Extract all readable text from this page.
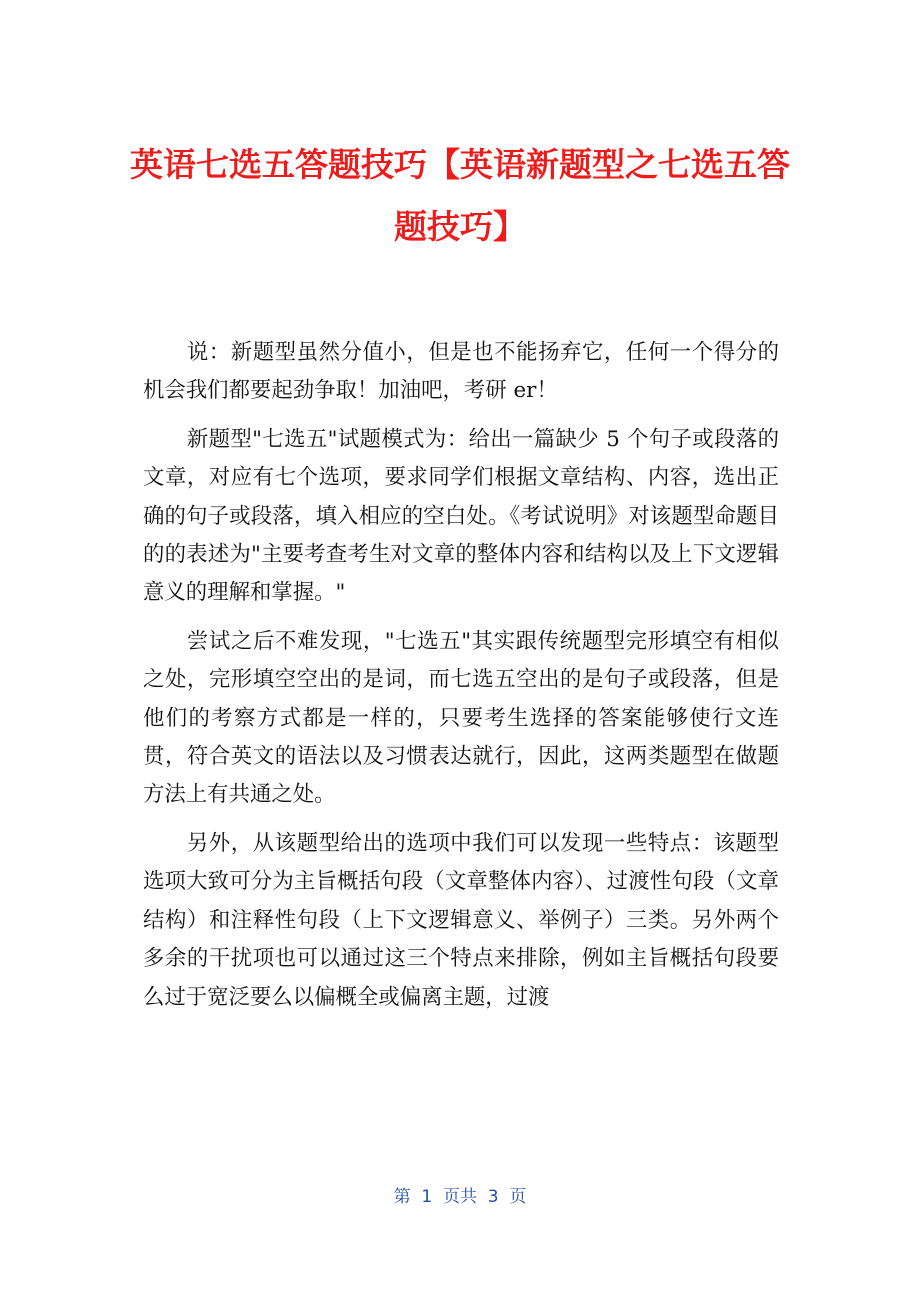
英语七选五答题技巧【英语新题型之七选五答题技巧】

说：新题型虽然分值小，但是也不能扬弃它，任何一个得分的机会我们都要起劲争取！加油吧，考研 er！

新题型"七选五"试题模式为：给出一篇缺少 5 个句子或段落的文章，对应有七个选项，要求同学们根据文章结构、内容，选出正确的句子或段落，填入相应的空白处。《考试说明》对该题型命题目的的表述为"主要考查考生对文章的整体内容和结构以及上下文逻辑意义的理解和掌握。"

尝试之后不难发现，"七选五"其实跟传统题型完形填空有相似之处，完形填空空出的是词，而七选五空出的是句子或段落，但是他们的考察方式都是一样的，只要考生选择的答案能够使行文连贯，符合英文的语法以及习惯表达就行，因此，这两类题型在做题方法上有共通之处。

另外，从该题型给出的选项中我们可以发现一些特点：该题型选项大致可分为主旨概括句段（文章整体内容）、过渡性句段（文章结构）和注释性句段（上下文逻辑意义、举例子）三类。另外两个多余的干扰项也可以通过这三个特点来排除，例如主旨概括句段要么过于宽泛要么以偏概全或偏离主题，过渡

第  1  页共  3  页
